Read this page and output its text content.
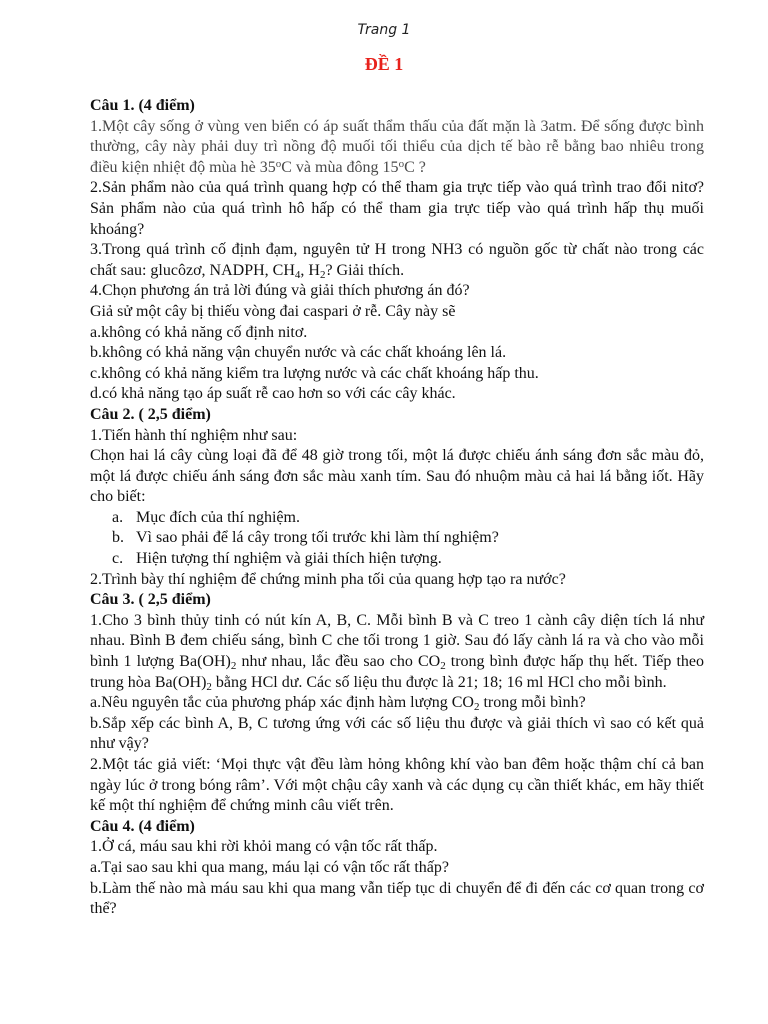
Trang 1
ĐỀ 1

Câu 1. (4 điểm)

1.Một cây sống ở vùng ven biển có áp suất thẩm thấu của đất mặn là 3atm. Để sống được bình thường, cây này phải duy trì nồng độ muối tối thiểu của dịch tế bào rễ bằng bao nhiêu trong điều kiện nhiệt độ mùa hè 35$^o$C và mùa đông 15$^o$C ?

2.Sản phẩm nào của quá trình quang hợp có thể tham gia trực tiếp vào quá trình trao đổi nitơ?Sản phẩm nào của quá trình hô hấp có thể tham gia trực tiếp vào quá trình hấp thụ muối khoáng?

3.Trong quá trình cố định đạm, nguyên tử H trong NH3 có nguồn gốc từ chất nào trong các chất sau: glucôzơ, NADPH, $CH_4$, $H_2$? Giải thích.

4.Chọn phương án trả lời đúng và giải thích phương án đó?

Giả sử một cây bị thiếu vòng đai caspari ở rễ. Cây này sẽ

a.không có khả năng cố định nitơ.

b.không có khả năng vận chuyển nước và các chất khoáng lên lá.

c.không có khả năng kiểm tra lượng nước và các chất khoáng hấp thu.

d.có khả năng tạo áp suất rễ cao hơn so với các cây khác.

Câu 2. ( 2,5 điểm)

1.Tiến hành thí nghiệm như sau:

Chọn hai lá cây cùng loại đã để 48 giờ trong tối, một lá được chiếu ánh sáng đơn sắc màu đỏ, một lá được chiếu ánh sáng đơn sắc màu xanh tím. Sau đó nhuộm màu cả hai lá bằng iốt. Hãy cho biết:

a. Mục đích của thí nghiệm.

b. Vì sao phải để lá cây trong tối trước khi làm thí nghiệm?

c. Hiện tượng thí nghiệm và giải thích hiện tượng.

2.Trình bày thí nghiệm để chứng minh pha tối của quang hợp tạo ra nước?

Câu 3. ( 2,5 điểm)

1.Cho 3 bình thủy tinh có nút kín A, B, C. Mỗi bình B và C treo 1 cành cây diện tích lá như nhau. Bình B đem chiếu sáng, bình C che tối trong 1 giờ. Sau đó lấy cành lá ra và cho vào mỗi bình 1 lượng $Ba(OH)_2$ như nhau, lắc đều sao cho $CO_2$ trong bình được hấp thụ hết. Tiếp theo trung hòa $Ba(OH)_2$ bằng HCl dư. Các số liệu thu được là 21; 18; 16 ml HCl cho mỗi bình.

a.Nêu nguyên tắc của phương pháp xác định hàm lượng $CO_2$ trong mỗi bình?

b.Sắp xếp các bình A, B, C tương ứng với các số liệu thu được và giải thích vì sao có kết quả như vậy?

2.Một tác giả viết: ‘Mọi thực vật đều làm hỏng không khí vào ban đêm hoặc thậm chí cả ban ngày lúc ở trong bóng râm’. Với một chậu cây xanh và các dụng cụ cần thiết khác, em hãy thiết kế một thí nghiệm để chứng minh câu viết trên.

Câu 4. (4 điểm)

1.Ở cá, máu sau khi rời khỏi mang có vận tốc rất thấp.

a.Tại sao sau khi qua mang, máu lại có vận tốc rất thấp?

b.Làm thế nào mà máu sau khi qua mang vẫn tiếp tục di chuyển để đi đến các cơ quan trong cơ thể?
